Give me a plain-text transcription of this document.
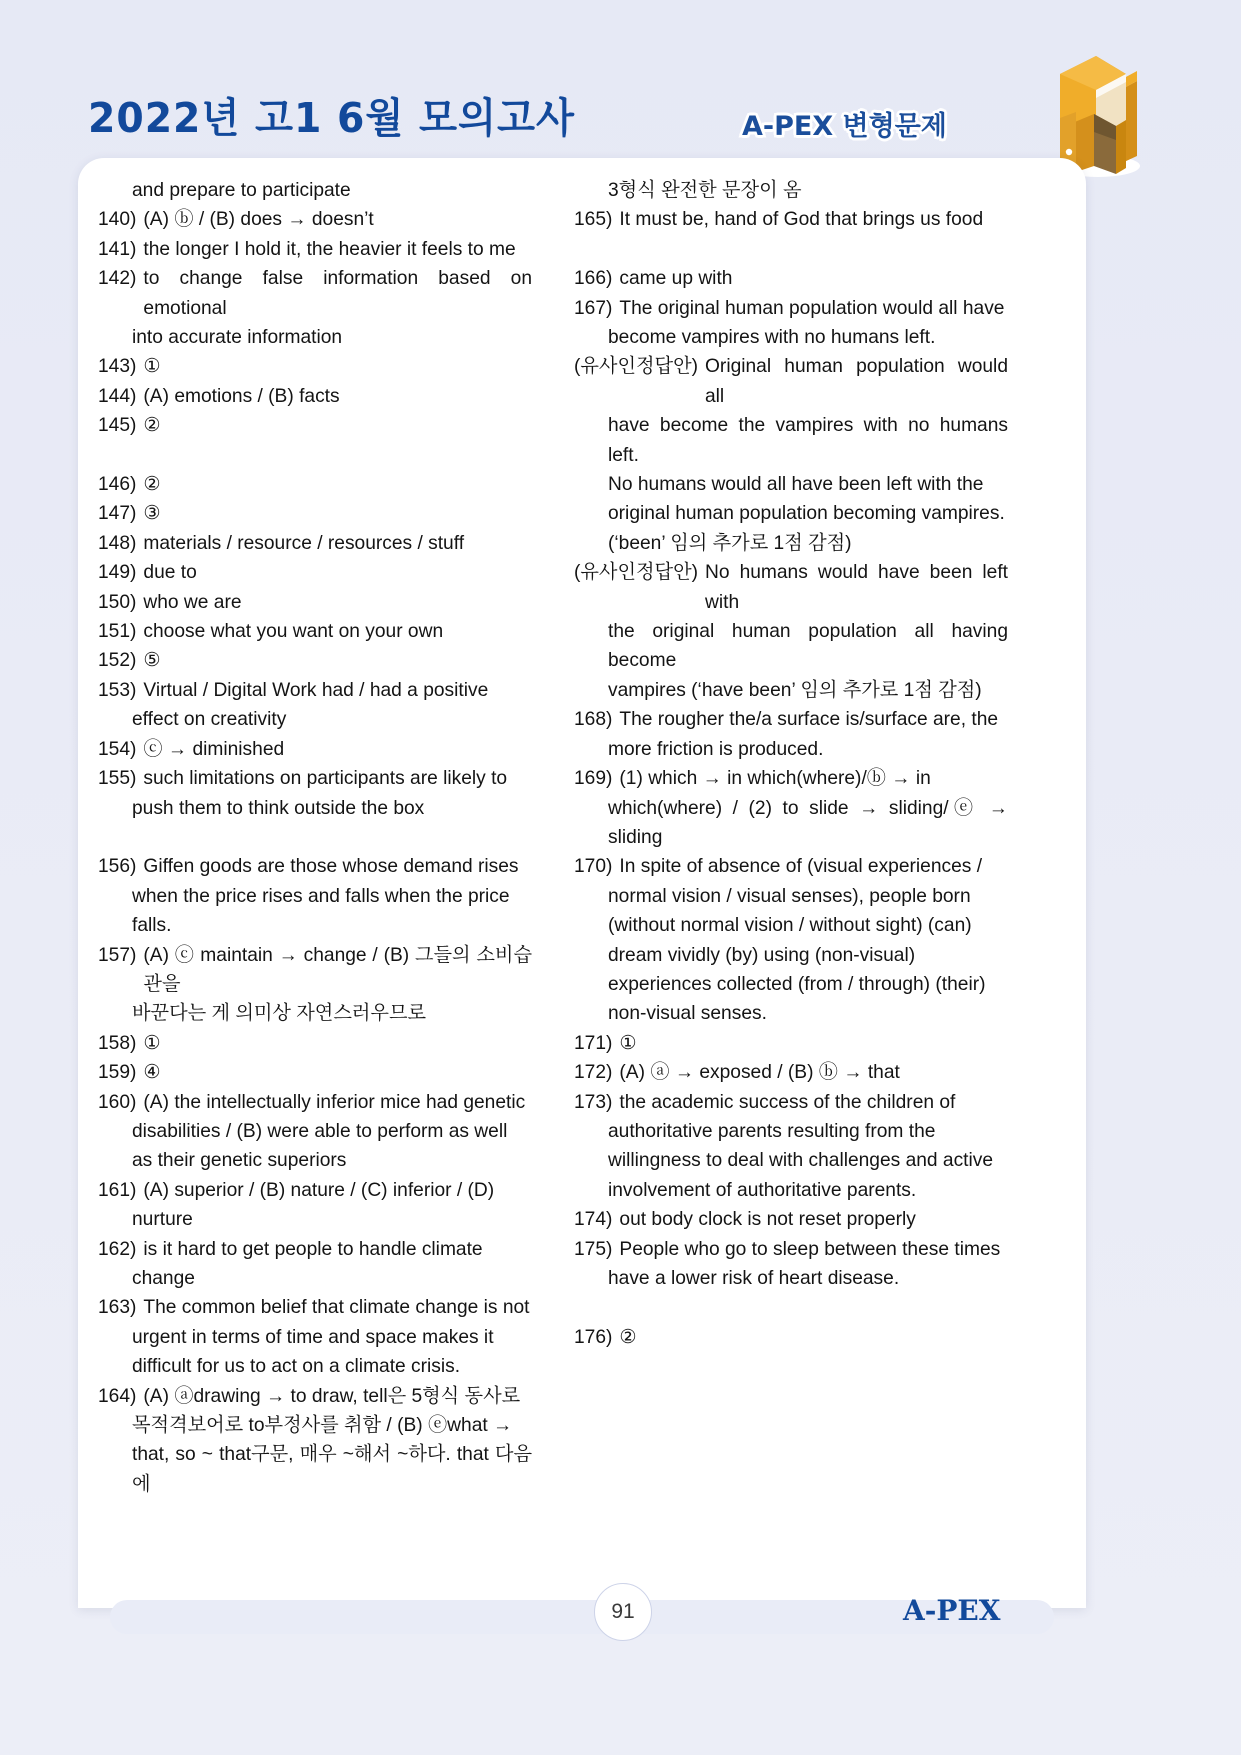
2022년 고1 6월 모의고사	A-PEX 변형문제
and prepare to participate
140) (A) ⓑ / (B) does → doesn’t
141) the longer I hold it, the heavier it feels to me
142) to change false information based on emotional
into accurate information
143) ①
144) (A) emotions / (B) facts
145) ②
146) ②
147) ③
148) materials / resource / resources / stuff
149) due to
150) who we are
151) choose what you want on your own
152) ⑤
153) Virtual / Digital Work had / had a positive
effect on creativity
154) ⓒ → diminished
155) such limitations on participants are likely to
push them to think outside the box
156) Giffen goods are those whose demand rises
when the price rises and falls when the price
falls.
157) (A) ⓒ maintain → change / (B) 그들의 소비습관을
바꾼다는 게 의미상 자연스러우므로
158) ①
159) ④
160) (A) the intellectually inferior mice had genetic
disabilities / (B) were able to perform as well
as their genetic superiors
161) (A) superior / (B) nature / (C) inferior / (D)
nurture
162) is it hard to get people to handle climate
change
163) The common belief that climate change is not
urgent in terms of time and space makes it
difficult for us to act on a climate crisis.
164) (A) ⓐdrawing → to draw, tell은 5형식 동사로
목적격보어로 to부정사를 취함 / (B) ⓔwhat →
that, so ~ that구문, 매우 ~해서 ~하다. that 다음에
3형식 완전한 문장이 옴
165) It must be, hand of God that brings us food
166) came up with
167) The original human population would all have
become vampires with no humans left.
(유사인정답안) Original human population would all
have become the vampires with no humans left.
No humans would all have been left with the
original human population becoming vampires.
(‘been’ 임의 추가로 1점 감점)
(유사인정답안) No humans would have been left with
the original human population all having become
vampires (‘have been’ 임의 추가로 1점 감점)
168) The rougher the/a surface is/surface are, the
more friction is produced.
169) (1) which → in which(where)/ⓑ → in
which(where) / (2) to slide → sliding/ⓔ → sliding
170) In spite of absence of (visual experiences /
normal vision / visual senses), people born
(without normal vision / without sight) (can)
dream vividly (by) using (non-visual)
experiences collected (from / through) (their)
non-visual senses.
171) ①
172) (A) ⓐ → exposed / (B) ⓑ → that
173) the academic success of the children of
authoritative parents resulting from the
willingness to deal with challenges and active
involvement of authoritative parents.
174) out body clock is not reset properly
175) People who go to sleep between these times
have a lower risk of heart disease.
176) ②
91	A-PEX
